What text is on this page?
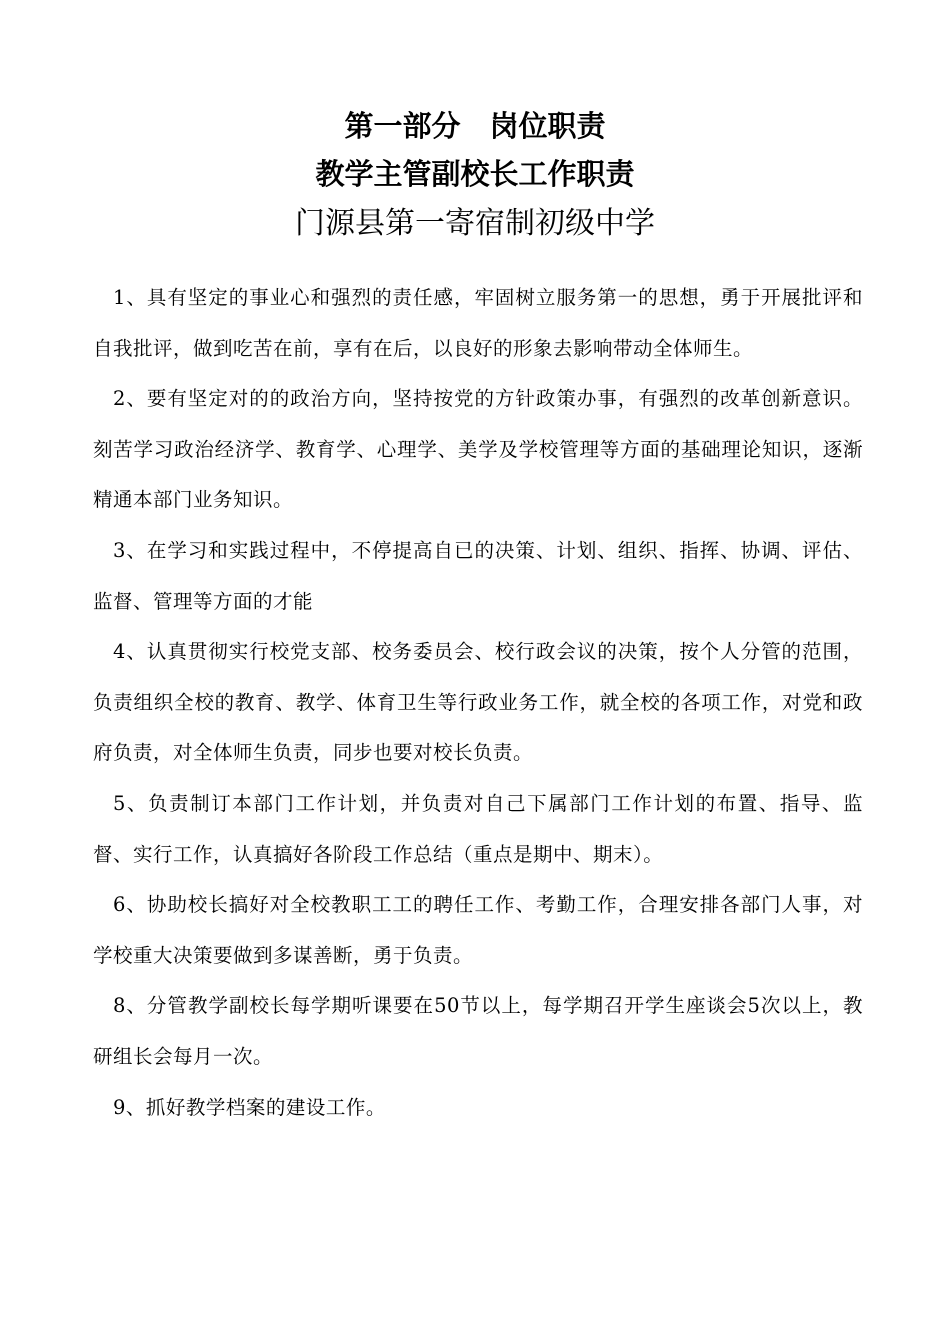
第一部分　岗位职责
教学主管副校长工作职责
门源县第一寄宿制初级中学

1、具有坚定的事业心和强烈的责任感，牢固树立服务第一的思想，勇于开展批评和自我批评，做到吃苦在前，享有在后，以良好的形象去影响带动全体师生。

2、要有坚定对的的政治方向，坚持按党的方针政策办事，有强烈的改革创新意识。刻苦学习政治经济学、教育学、心理学、美学及学校管理等方面的基础理论知识，逐渐精通本部门业务知识。

3、在学习和实践过程中，不停提高自已的决策、计划、组织、指挥、协调、评估、监督、管理等方面的才能

4、认真贯彻实行校党支部、校务委员会、校行政会议的决策，按个人分管的范围，负责组织全校的教育、教学、体育卫生等行政业务工作，就全校的各项工作，对党和政府负责，对全体师生负责，同步也要对校长负责。

5、负责制订本部门工作计划，并负责对自己下属部门工作计划的布置、指导、监督、实行工作，认真搞好各阶段工作总结（重点是期中、期末）。

6、协助校长搞好对全校教职工工的聘任工作、考勤工作，合理安排各部门人事，对学校重大决策要做到多谋善断，勇于负责。

8、分管教学副校长每学期听课要在50节以上，每学期召开学生座谈会5次以上，教研组长会每月一次。

9、抓好教学档案的建设工作。
